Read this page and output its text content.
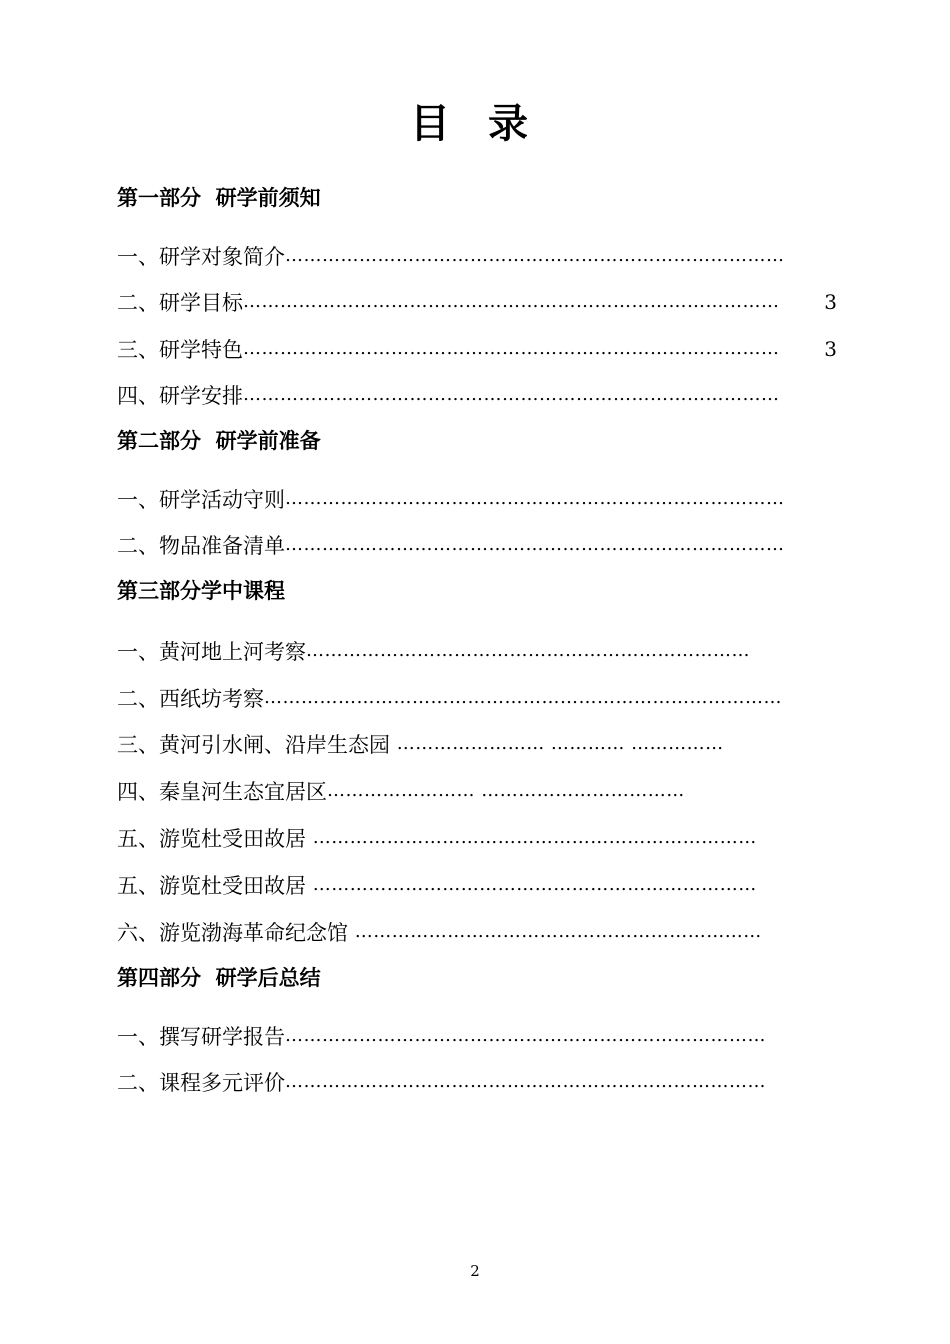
目 录
第一部分  研学前须知
一、研学对象简介 ………………………………………………………………………
二、研学目标 ……………………………………………………………………………	3
三、研学特色 ……………………………………………………………………………	3
四、研学安排 ……………………………………………………………………………
第二部分  研学前准备
一、研学活动守则 ………………………………………………………………………
二、物品准备清单 ………………………………………………………………………
第三部分学中课程
一、黄河地上河考察 ………………………………………………………………
二、西纸坊考察 …………………………………………………………………………
三、黄河引水闸、沿岸生态园 …………………… ………… ……………
四、秦皇河生态宜居区 …………………… ……………………………
五、游览杜受田故居 ………………………………………………………………
五、游览杜受田故居 ………………………………………………………………
六、游览渤海革命纪念馆 …………………………………………………………
第四部分  研学后总结
一、撰写研学报告 ……………………………………………………………………
二、课程多元评价 ……………………………………………………………………
2
